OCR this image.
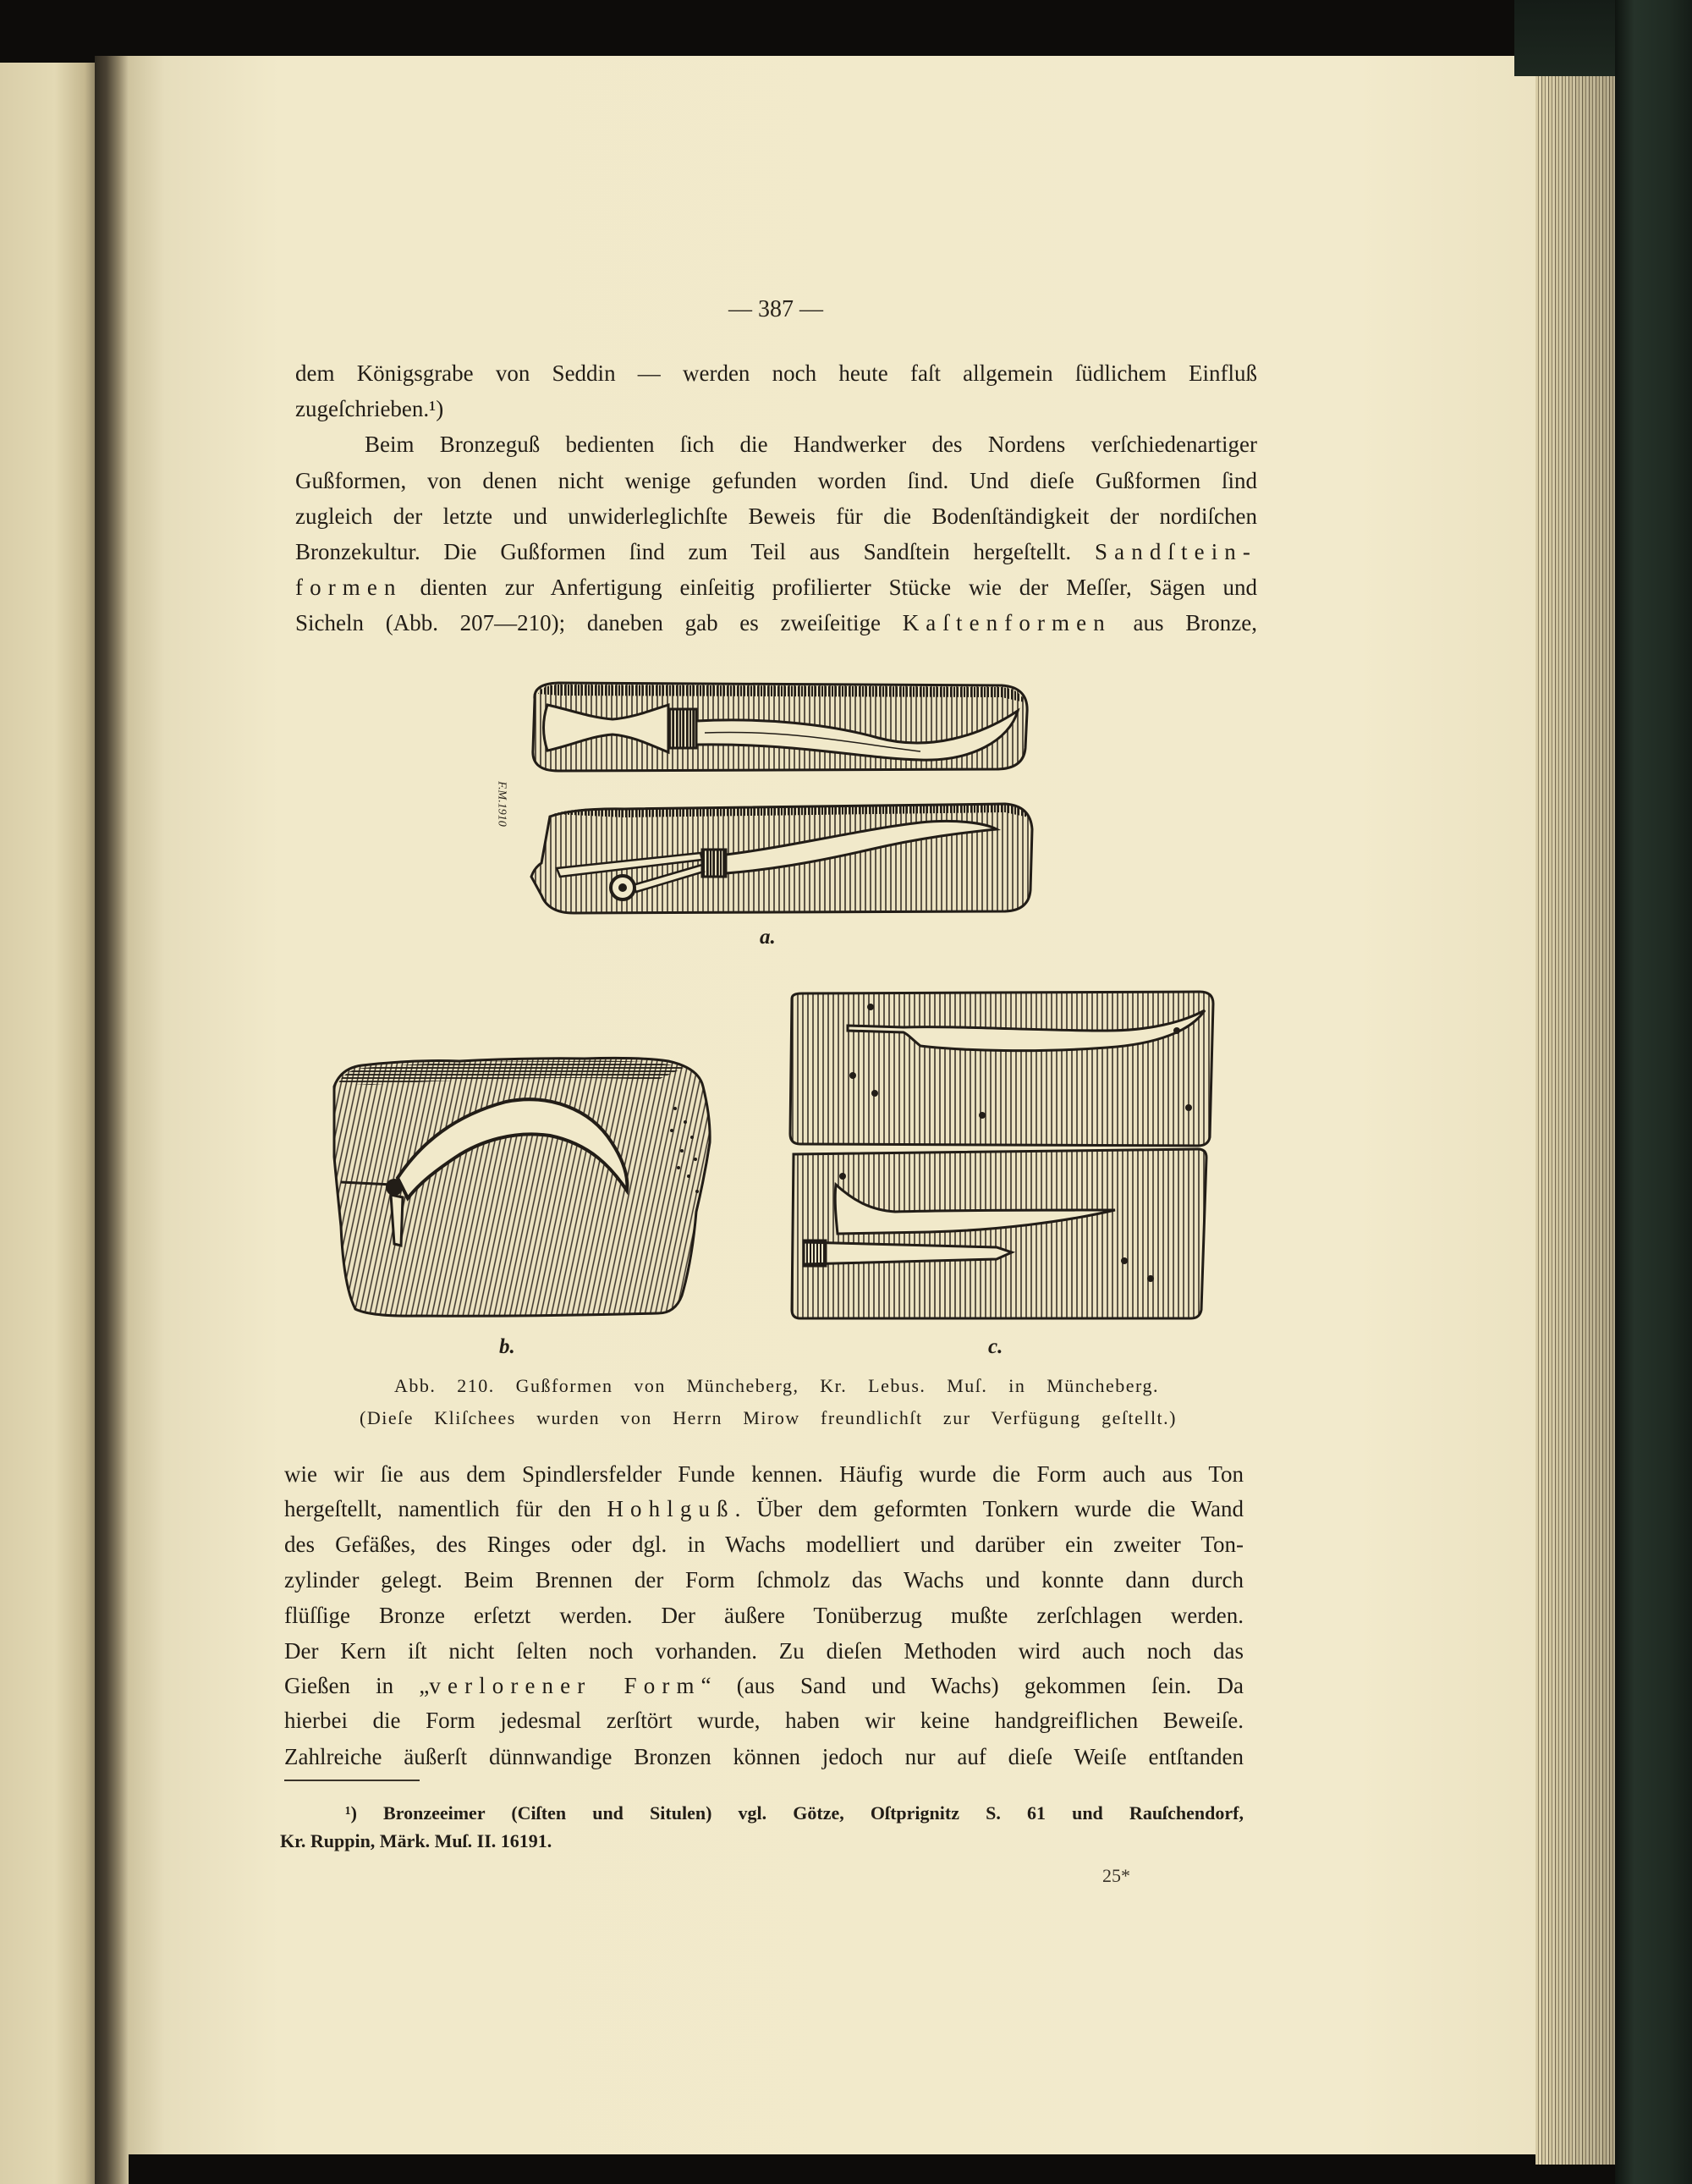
— 387 —
dem Königsgrabe von Seddin — werden noch heute faſt allgemein ſüdlichem Einfluß
zugeſchrieben.¹)
Beim Bronzeguß bedienten ſich die Handwerker des Nordens verſchiedenartiger
Gußformen, von denen nicht wenige gefunden worden ſind. Und dieſe Gußformen ſind
zugleich der letzte und unwiderleglichſte Beweis für die Bodenſtändigkeit der nordiſchen
Bronzekultur. Die Gußformen ſind zum Teil aus Sandſtein hergeſtellt. Sandſtein-
formen dienten zur Anfertigung einſeitig profilierter Stücke wie der Meſſer, Sägen und
Sicheln (Abb. 207—210); daneben gab es zweiſeitige Kaſtenformen aus Bronze,
F.M.1910
a.
b.	c.
Abb. 210. Gußformen von Müncheberg, Kr. Lebus. Muſ. in Müncheberg.
(Dieſe Kliſchees wurden von Herrn Mirow freundlichſt zur Verfügung geſtellt.)
wie wir ſie aus dem Spindlersfelder Funde kennen. Häufig wurde die Form auch aus Ton
hergeſtellt, namentlich für den Hohlguß. Über dem geformten Tonkern wurde die Wand
des Gefäßes, des Ringes oder dgl. in Wachs modelliert und darüber ein zweiter Ton-
zylinder gelegt. Beim Brennen der Form ſchmolz das Wachs und konnte dann durch
flüſſige Bronze erſetzt werden. Der äußere Tonüberzug mußte zerſchlagen werden.
Der Kern iſt nicht ſelten noch vorhanden. Zu dieſen Methoden wird auch noch das
Gießen in „verlorener Form“ (aus Sand und Wachs) gekommen ſein. Da
hierbei die Form jedesmal zerſtört wurde, haben wir keine handgreiflichen Beweiſe.
Zahlreiche äußerſt dünnwandige Bronzen können jedoch nur auf dieſe Weiſe entſtanden
¹) Bronzeeimer (Ciſten und Situlen) vgl. Götze, Oſtprignitz S. 61 und Rauſchendorf,
Kr. Ruppin, Märk. Muſ. II. 16191.
25*
